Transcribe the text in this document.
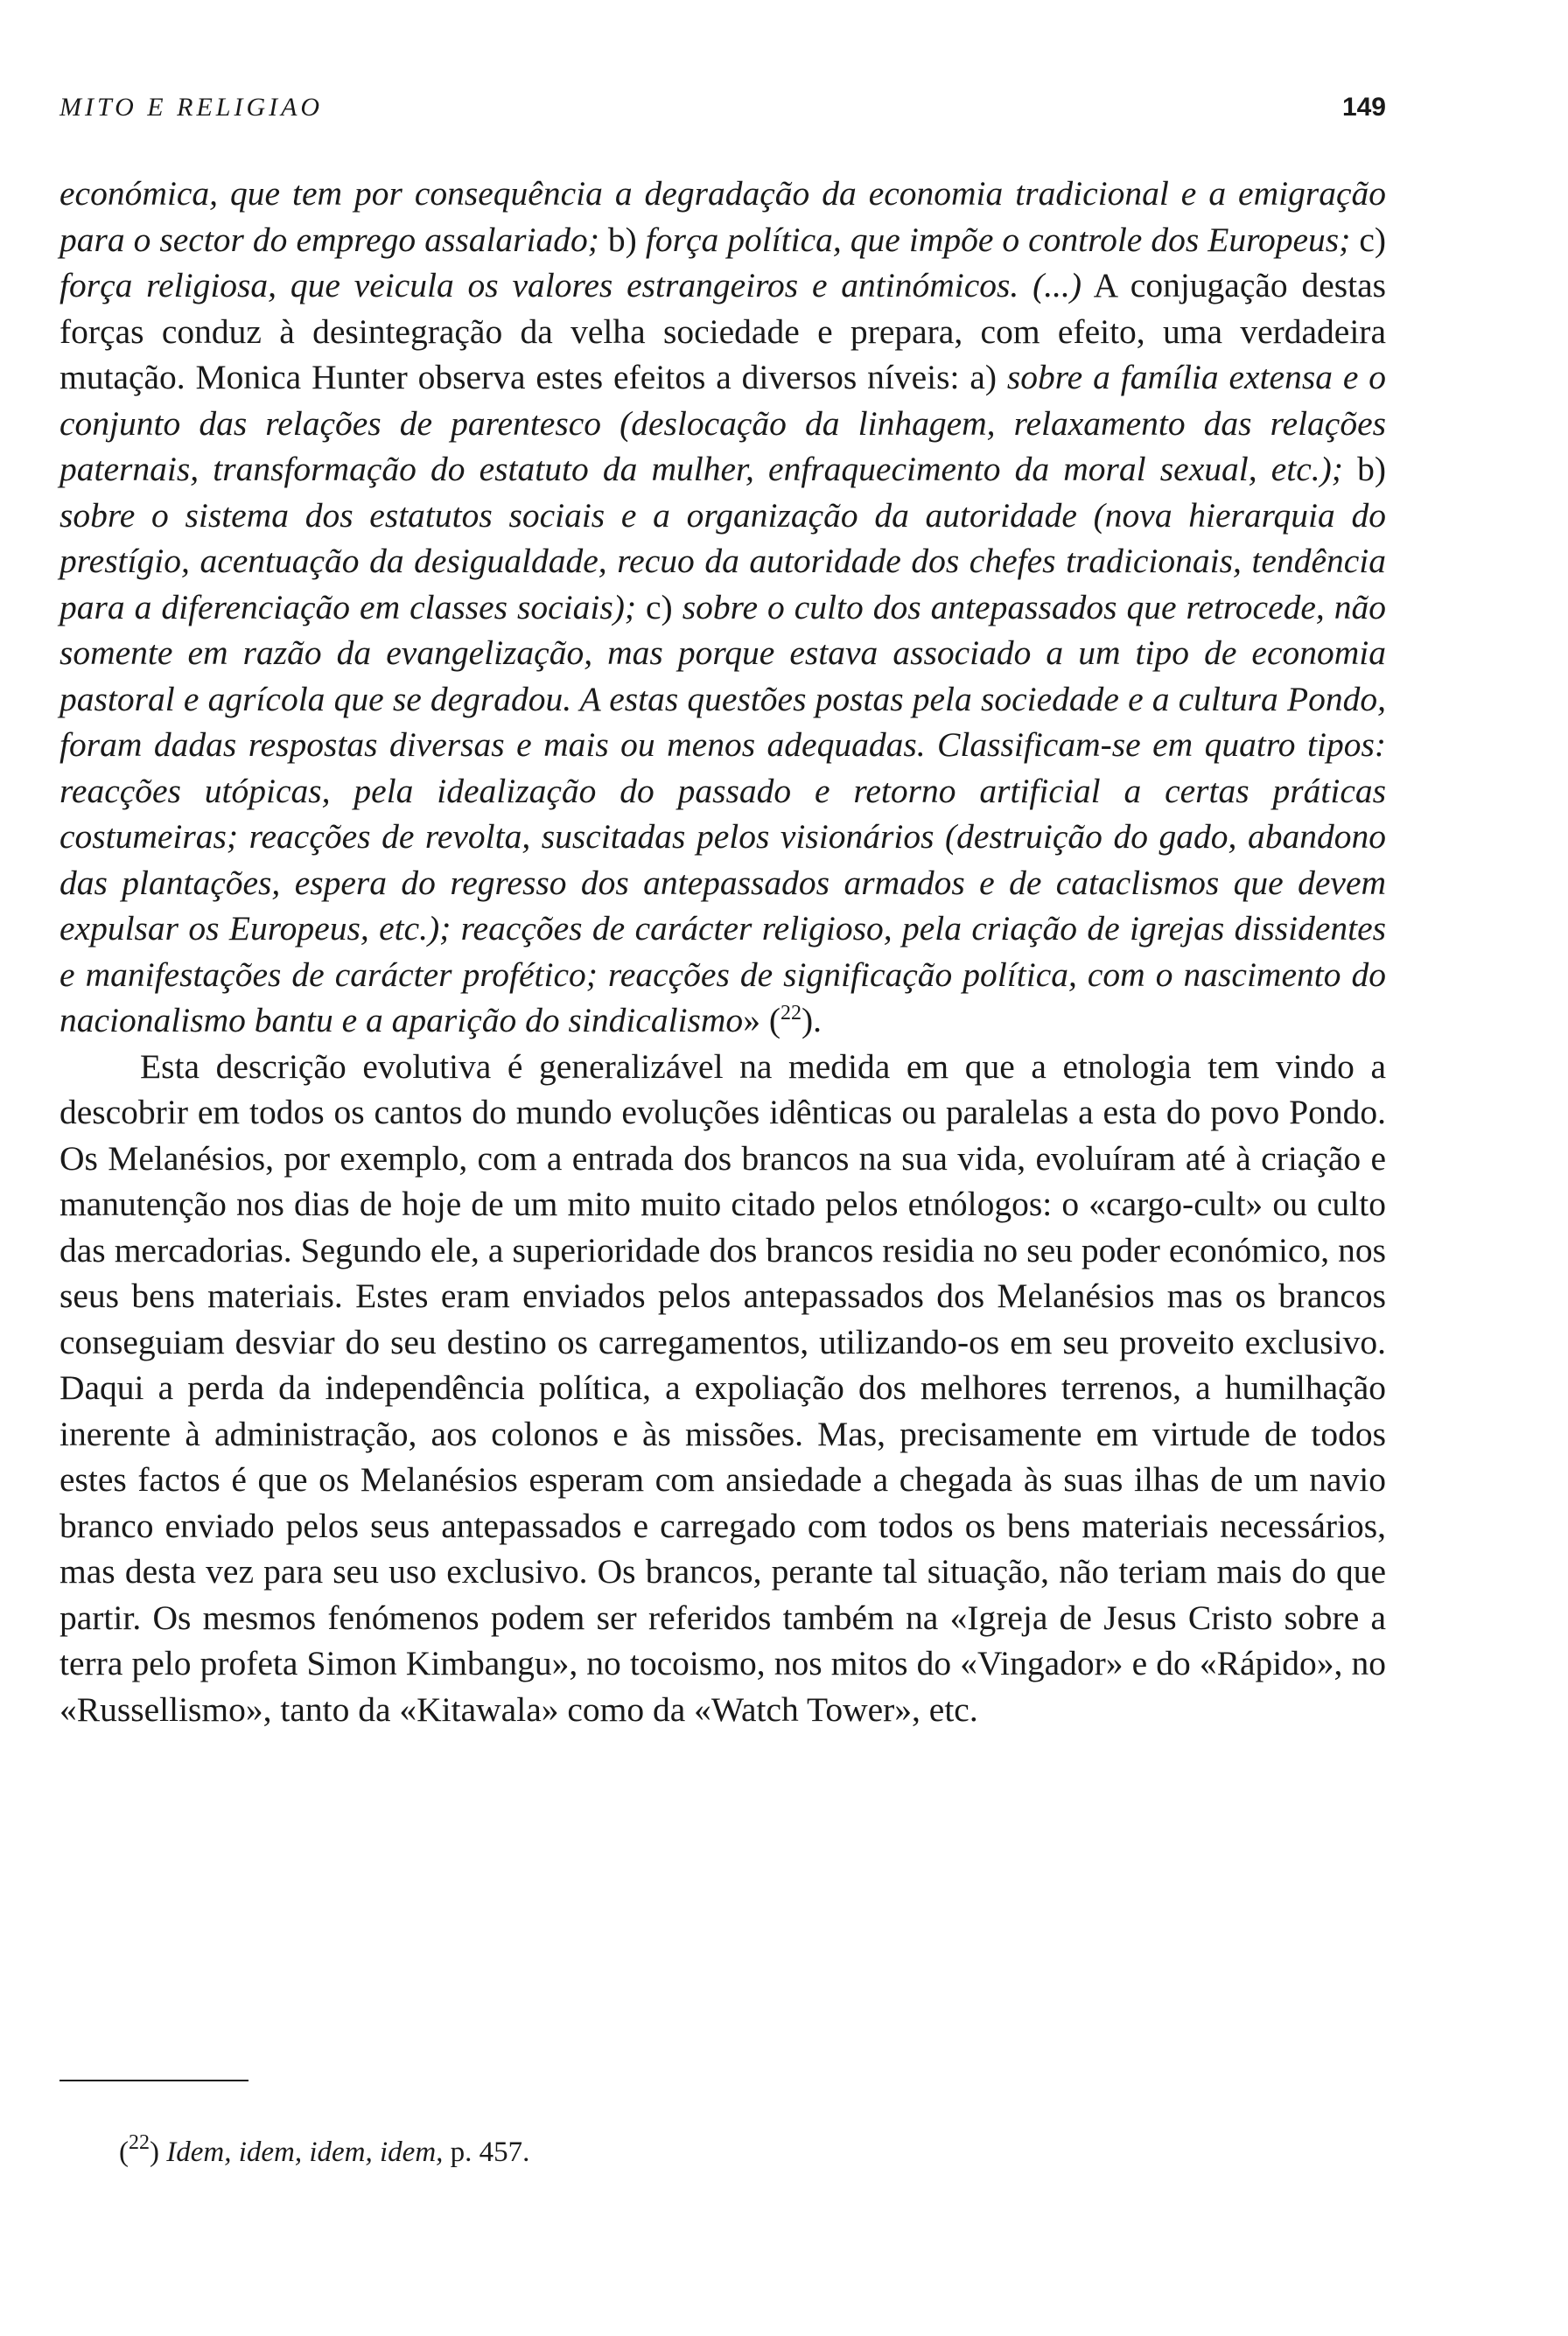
MITO E RELIGIAO	149

económica, que tem por consequência a degradação da economia tradicional e a emigração para o sector do emprego assalariado; b) força política, que impõe o controle dos Europeus; c) força religiosa, que veicula os valores estrangeiros e antinómicos. (...) A conjugação destas forças conduz à desintegração da velha sociedade e prepara, com efeito, uma verdadeira mutação. Monica Hunter observa estes efeitos a diversos níveis: a) sobre a família extensa e o conjunto das relações de parentesco (deslocação da linhagem, relaxamento das relações paternais, transformação do estatuto da mulher, enfraquecimento da moral sexual, etc.); b) sobre o sistema dos estatutos sociais e a organização da autoridade (nova hierarquia do prestígio, acentuação da desigualdade, recuo da autoridade dos chefes tradicionais, tendência para a diferenciação em classes sociais); c) sobre o culto dos antepassados que retrocede, não somente em razão da evangelização, mas porque estava associado a um tipo de economia pastoral e agrícola que se degradou. A estas questões postas pela sociedade e a cultura Pondo, foram dadas respostas diversas e mais ou menos adequadas. Classificam-se em quatro tipos: reacções utópicas, pela idealização do passado e retorno artificial a certas práticas costumeiras; reacções de revolta, suscitadas pelos visionários (destruição do gado, abandono das plantações, espera do regresso dos antepassados armados e de cataclismos que devem expulsar os Europeus, etc.); reacções de carácter religioso, pela criação de igrejas dissidentes e manifestações de carácter profético; reacções de significação política, com o nascimento do nacionalismo bantu e a aparição do sindicalismo» ($^{22}$).

Esta descrição evolutiva é generalizável na medida em que a etnologia tem vindo a descobrir em todos os cantos do mundo evoluções idênticas ou paralelas a esta do povo Pondo. Os Melanésios, por exemplo, com a entrada dos brancos na sua vida, evoluíram até à criação e manutenção nos dias de hoje de um mito muito citado pelos etnólogos: o «cargo-cult» ou culto das mercadorias. Segundo ele, a superioridade dos brancos residia no seu poder económico, nos seus bens materiais. Estes eram enviados pelos antepassados dos Melanésios mas os brancos conseguiam desviar do seu destino os carregamentos, utilizando-os em seu proveito exclusivo. Daqui a perda da independência política, a expoliação dos melhores terrenos, a humilhação inerente à administração, aos colonos e às missões. Mas, precisamente em virtude de todos estes factos é que os Melanésios esperam com ansiedade a chegada às suas ilhas de um navio branco enviado pelos seus antepassados e carregado com todos os bens materiais necessários, mas desta vez para seu uso exclusivo. Os brancos, perante tal situação, não teriam mais do que partir. Os mesmos fenómenos podem ser referidos também na «Igreja de Jesus Cristo sobre a terra pelo profeta Simon Kimbangu», no tocoismo, nos mitos do «Vingador» e do «Rápido», no «Russellismo», tanto da «Kitawala» como da «Watch Tower», etc.

($^{22}$) Idem, idem, idem, idem, p. 457.
